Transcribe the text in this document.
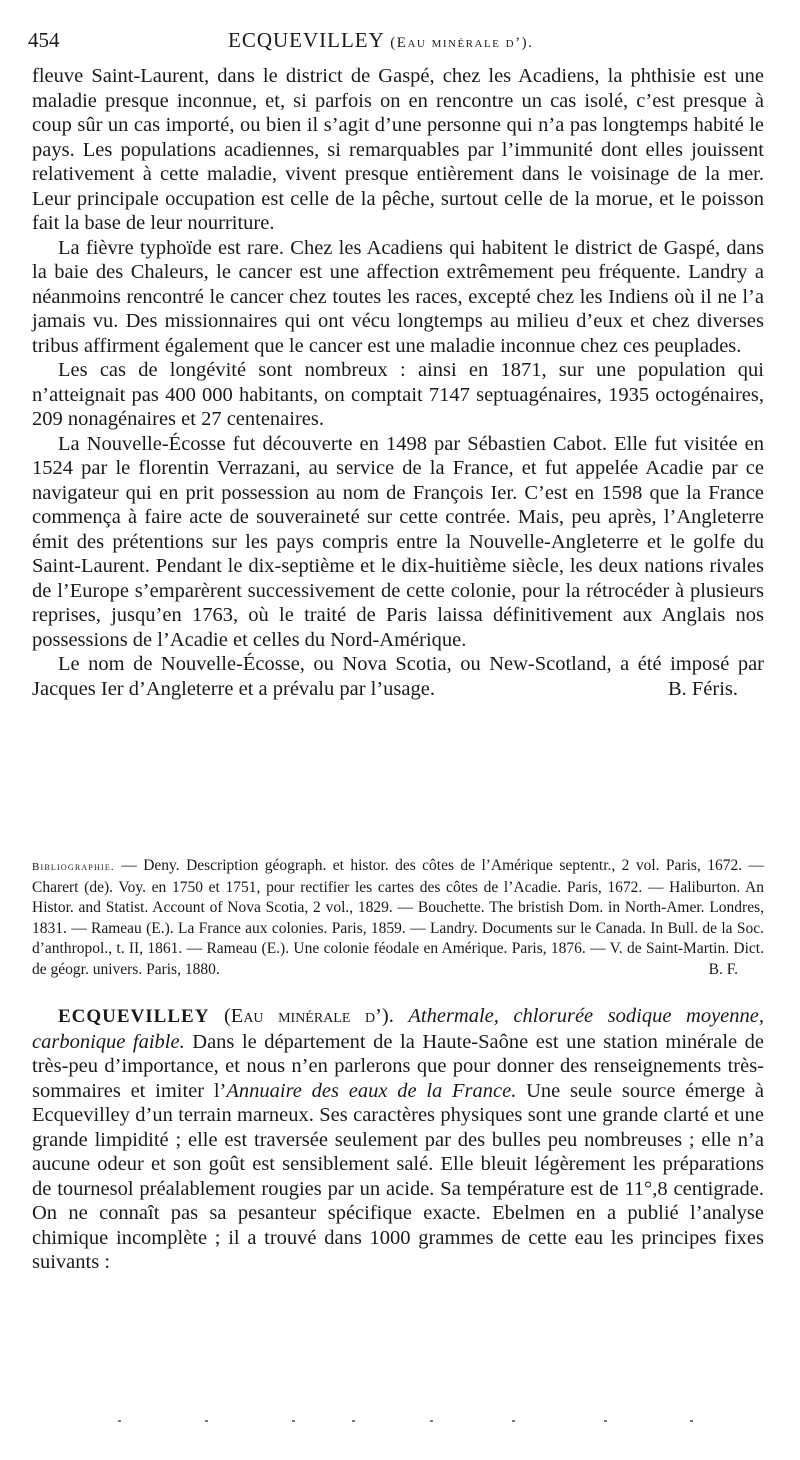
454	ECQUEVILLEY (Eau minérale d’).

fleuve Saint-Laurent, dans le district de Gaspé, chez les Acadiens, la phthisie est une maladie presque inconnue, et, si parfois on en rencontre un cas isolé, c’est presque à coup sûr un cas importé, ou bien il s’agit d’une personne qui n’a pas longtemps habité le pays. Les populations acadiennes, si remarquables par l’immunité dont elles jouissent relativement à cette maladie, vivent presque entièrement dans le voisinage de la mer. Leur principale occupation est celle de la pêche, surtout celle de la morue, et le poisson fait la base de leur nourriture.

La fièvre typhoïde est rare. Chez les Acadiens qui habitent le district de Gaspé, dans la baie des Chaleurs, le cancer est une affection extrêmement peu fréquente. Landry a néanmoins rencontré le cancer chez toutes les races, excepté chez les Indiens où il ne l’a jamais vu. Des missionnaires qui ont vécu longtemps au milieu d’eux et chez diverses tribus affirment également que le cancer est une maladie inconnue chez ces peuplades.

Les cas de longévité sont nombreux : ainsi en 1871, sur une population qui n’atteignait pas 400 000 habitants, on comptait 7147 septuagénaires, 1935 octogénaires, 209 nonagénaires et 27 centenaires.

La Nouvelle-Écosse fut découverte en 1498 par Sébastien Cabot. Elle fut visitée en 1524 par le florentin Verrazani, au service de la France, et fut appelée Acadie par ce navigateur qui en prit possession au nom de François Ier. C’est en 1598 que la France commença à faire acte de souveraineté sur cette contrée. Mais, peu après, l’Angleterre émit des prétentions sur les pays compris entre la Nouvelle-Angleterre et le golfe du Saint-Laurent. Pendant le dix-septième et le dix-huitième siècle, les deux nations rivales de l’Europe s’emparèrent successivement de cette colonie, pour la rétrocéder à plusieurs reprises, jusqu’en 1763, où le traité de Paris laissa définitivement aux Anglais nos possessions de l’Acadie et celles du Nord-Amérique.

Le nom de Nouvelle-Écosse, ou Nova Scotia, ou New-Scotland, a été imposé par Jacques Ier d’Angleterre et a prévalu par l’usage.	B. Féris.

Bibliographie. — Deny. Description géograph. et histor. des côtes de l’Amérique septentr., 2 vol. Paris, 1672. — Charert (de). Voy. en 1750 et 1751, pour rectifier les cartes des côtes de l’Acadie. Paris, 1672. — Haliburton. An Histor. and Statist. Account of Nova Scotia, 2 vol., 1829. — Bouchette. The bristish Dom. in North-Amer. Londres, 1831. — Rameau (E.). La France aux colonies. Paris, 1859. — Landry. Documents sur le Canada. In Bull. de la Soc. d’anthropol., t. II, 1861. — Rameau (E.). Une colonie féodale en Amérique. Paris, 1876. — V. de Saint-Martin. Dict. de géogr. univers. Paris, 1880.	B. F.

ECQUEVILLEY (Eau minérale d’). Athermale, chlorurée sodique moyenne, carbonique faible. Dans le département de la Haute-Saône est une station minérale de très-peu d’importance, et nous n’en parlerons que pour donner des renseignements très-sommaires et imiter l’Annuaire des eaux de la France. Une seule source émerge à Ecquevilley d’un terrain marneux. Ses caractères physiques sont une grande clarté et une grande limpidité ; elle est traversée seulement par des bulles peu nombreuses ; elle n’a aucune odeur et son goût est sensiblement salé. Elle bleuit légèrement les préparations de tournesol préalablement rougies par un acide. Sa température est de 11°,8 centigrade. On ne connaît pas sa pesanteur spécifique exacte. Ebelmen en a publié l’analyse chimique incomplète ; il a trouvé dans 1000 grammes de cette eau les principes fixes suivants :
